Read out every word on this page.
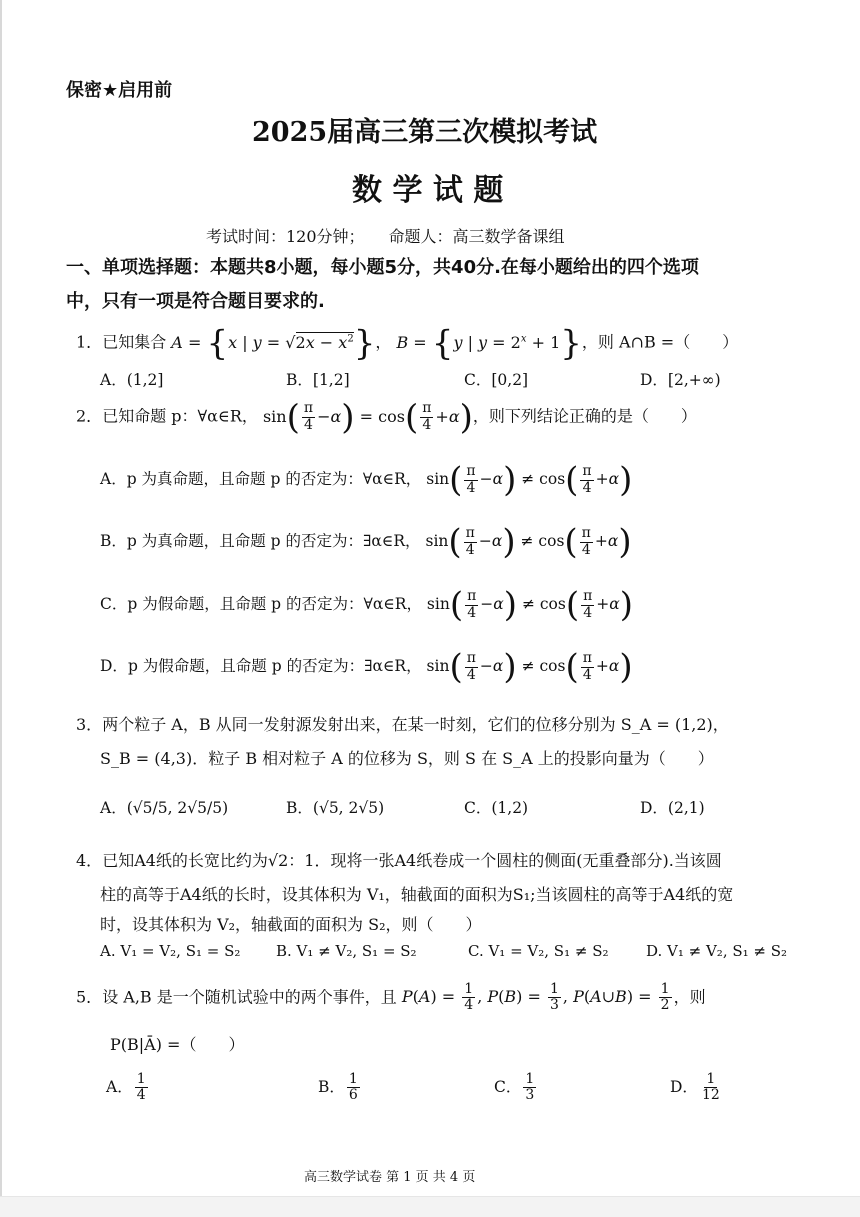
保密★启用前
2025届高三第三次模拟考试
数 学 试 题
考试时间：120分钟；　　命题人：高三数学备课组
一、单项选择题：本题共8小题，每小题5分，共40分.在每小题给出的四个选项
中，只有一项是符合题目要求的.
1．已知集合 A = {x | $y = √2x - x^2$}， B = {y | $y = 2^x + 1$}，则 A∩B =（　　）
A．(1,2]	B．[1,2]	C．[0,2]	D．[2,+∞)
2．已知命题 p：∀α∈R， $\sin( \frac{\pi}{4} -\alpha) = \cos( \frac{\pi}{4} +\alpha)$，则下列结论正确的是（　　）
A．p 为真命题，且命题 p 的否定为：∀α∈R， $\sin( \frac{\pi}{4} -\alpha) \ne \cos( \frac{\pi}{4} +\alpha)$
B．p 为真命题，且命题 p 的否定为：∃α∈R， $\sin( \frac{\pi}{4} -\alpha) \ne \cos( \frac{\pi}{4} +\alpha)$
C．p 为假命题，且命题 p 的否定为：∀α∈R， $\sin( \frac{\pi}{4} -\alpha) \ne \cos( \frac{\pi}{4} +\alpha)$
D．p 为假命题，且命题 p 的否定为：∃α∈R， $\sin( \frac{\pi}{4} -\alpha) \ne \cos( \frac{\pi}{4} +\alpha)$
3．两个粒子 A，B 从同一发射源发射出来，在某一时刻，它们的位移分别为 S_A = (1,2)，
S_B = (4,3)．粒子 B 相对粒子 A 的位移为 S，则 S 在 S_A 上的投影向量为（　　）
A．(√5/5, 2√5/5)	B．(√5, 2√5)	C．(1,2)	D．(2,1)
4．已知A4纸的长宽比约为√2：1．现将一张A4纸卷成一个圆柱的侧面(无重叠部分).当该圆
柱的高等于A4纸的长时，设其体积为 V₁，轴截面的面积为S₁;当该圆柱的高等于A4纸的宽
时，设其体积为 V₂，轴截面的面积为 S₂，则（　　）
A. V₁ = V₂, S₁ = S₂ B. V₁ ≠ V₂, S₁ = S₂	C. V₁ = V₂, S₁ ≠ S₂	D. V₁ ≠ V₂, S₁ ≠ S₂
5．设 A,B 是一个随机试验中的两个事件，且 $P(A) = \frac{1}{4}$ , $P(B) = \frac{1}{3}$ , P(A∪B) = $\frac{1}{2}$ ，则
P(B|Ā) =（　　）
A． $\frac{1}{4}$	B． $\frac{1}{6}$	C． $\frac{1}{3}$	D． $\frac{1}{12}$
高三数学试卷 第 1 页 共 4 页
